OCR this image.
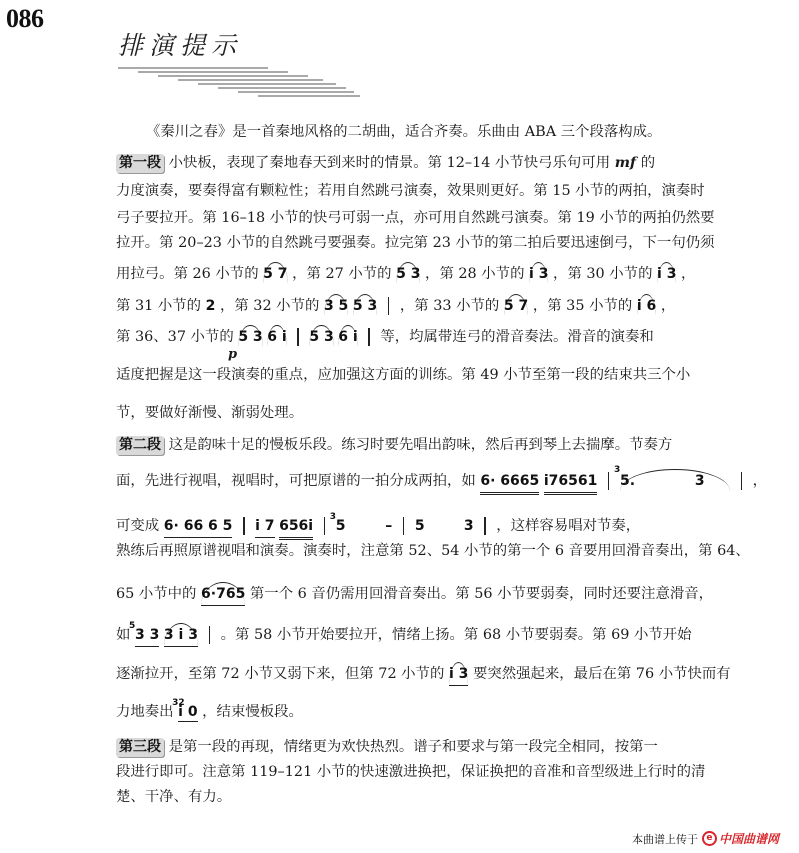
086
排演提示
《秦川之春》是一首秦地风格的二胡曲，适合齐奏。乐曲由 ABA 三个段落构成。
第一段 小快板，表现了秦地春天到来时的情景。第 12–14 小节快弓乐句可用 mf 的
力度演奏，要奏得富有颗粒性；若用自然跳弓演奏，效果则更好。第 15 小节的两拍，演奏时
弓子要拉开。第 16–18 小节的快弓可弱一点，亦可用自然跳弓演奏。第 19 小节的两拍仍然要
拉开。第 20–23 小节的自然跳弓要强奏。拉完第 23 小节的第二拍后要迅速倒弓，下一句仍须
用拉弓。第 26 小节的 5 7 ，第 27 小节的 5 3 ，第 28 小节的 i 3 ，第 30 小节的 i 3 ，
第 31 小节的 2 ，第 32 小节的 3 5 5 3 ，第 33 小节的 5 7 ，第 35 小节的 i 6 ，
第 36、37 小节的 5 3 6 i 5 3 6 i 等，均属带连弓的滑音奏法。滑音的演奏和
p
适度把握是这一段演奏的重点，应加强这方面的训练。第 49 小节至第一段的结束共三个小
节，要做好渐慢、渐弱处理。
第二段 这是韵味十足的慢板乐段。练习时要先唱出韵味，然后再到琴上去揣摩。节奏方
面，先进行视唱，视唱时，可把原谱的一拍分成两拍，如 6· 6665 i76561
3
5.	3	，
可变成 6· 66 6 5 i 7 656i
3
5	– 5	3 ，这样容易唱对节奏，
熟练后再照原谱视唱和演奏。演奏时，注意第 52、54 小节的第一个 6 音要用回滑音奏出，第 64、
65 小节中的 6·765 第一个 6 音仍需用回滑音奏出。第 56 小节要弱奏，同时还要注意滑音，
如
5
3 3 3 i 3 。第 58 小节开始要拉开，情绪上扬。第 68 小节要弱奏。第 69 小节开始
逐渐拉开，至第 72 小节又弱下来，但第 72 小节的 i 3 要突然强起来，最后在第 76 小节快而有
力地奏出
32
i 0 ，结束慢板段。
第三段 是第一段的再现，情绪更为欢快热烈。谱子和要求与第一段完全相同，按第一
段进行即可。注意第 119–121 小节的快速激进换把，保证换把的音准和音型级进上行时的清
楚、干净、有力。
本曲谱上传于 e 中国曲谱网
